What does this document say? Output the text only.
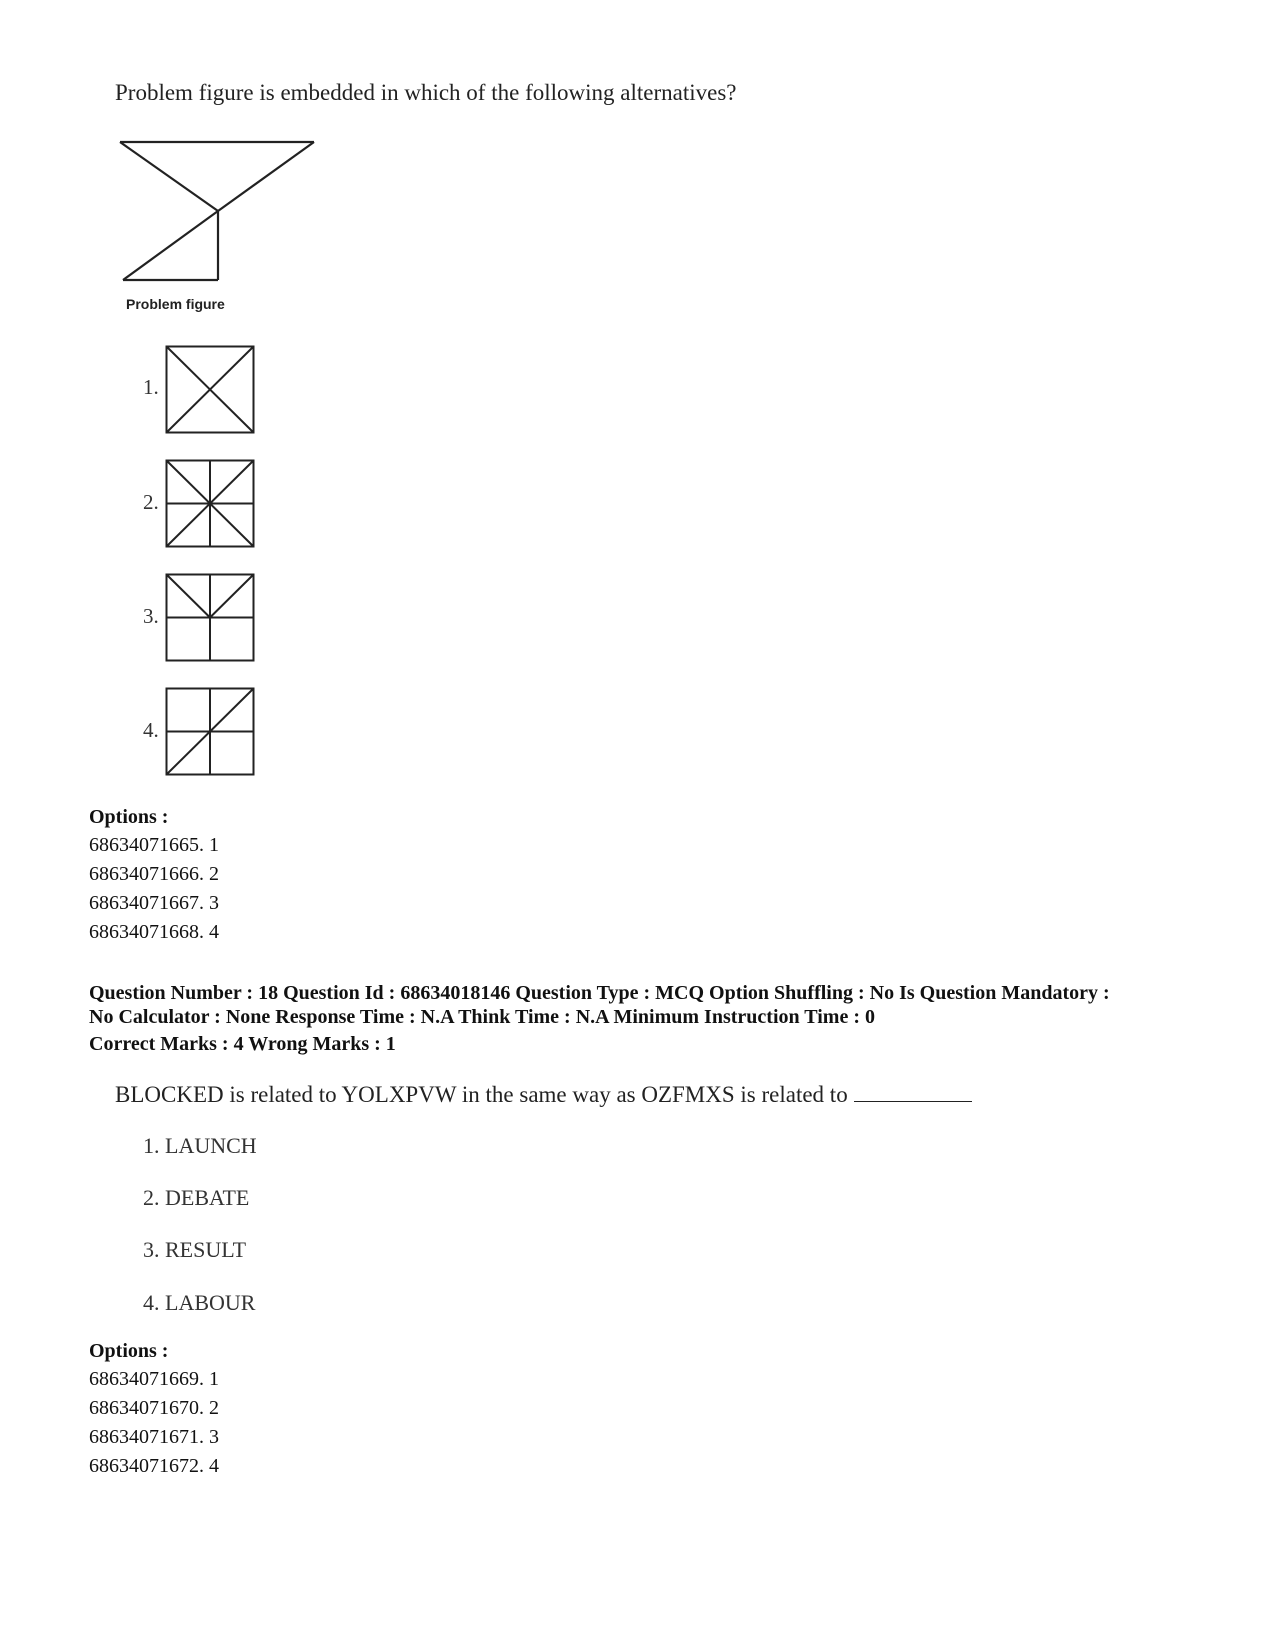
Problem figure is embedded in which of the following alternatives?
Problem figure
1.
2.
3.
4.
Options :
68634071665. 1
68634071666. 2
68634071667. 3
68634071668. 4
Question Number : 18 Question Id : 68634018146 Question Type : MCQ Option Shuffling : No Is Question Mandatory :
No Calculator : None Response Time : N.A Think Time : N.A Minimum Instruction Time : 0
Correct Marks : 4 Wrong Marks : 1
BLOCKED is related to YOLXPVW in the same way as OZFMXS is related to
1. LAUNCH
2. DEBATE
3. RESULT
4. LABOUR
Options :
68634071669. 1
68634071670. 2
68634071671. 3
68634071672. 4
